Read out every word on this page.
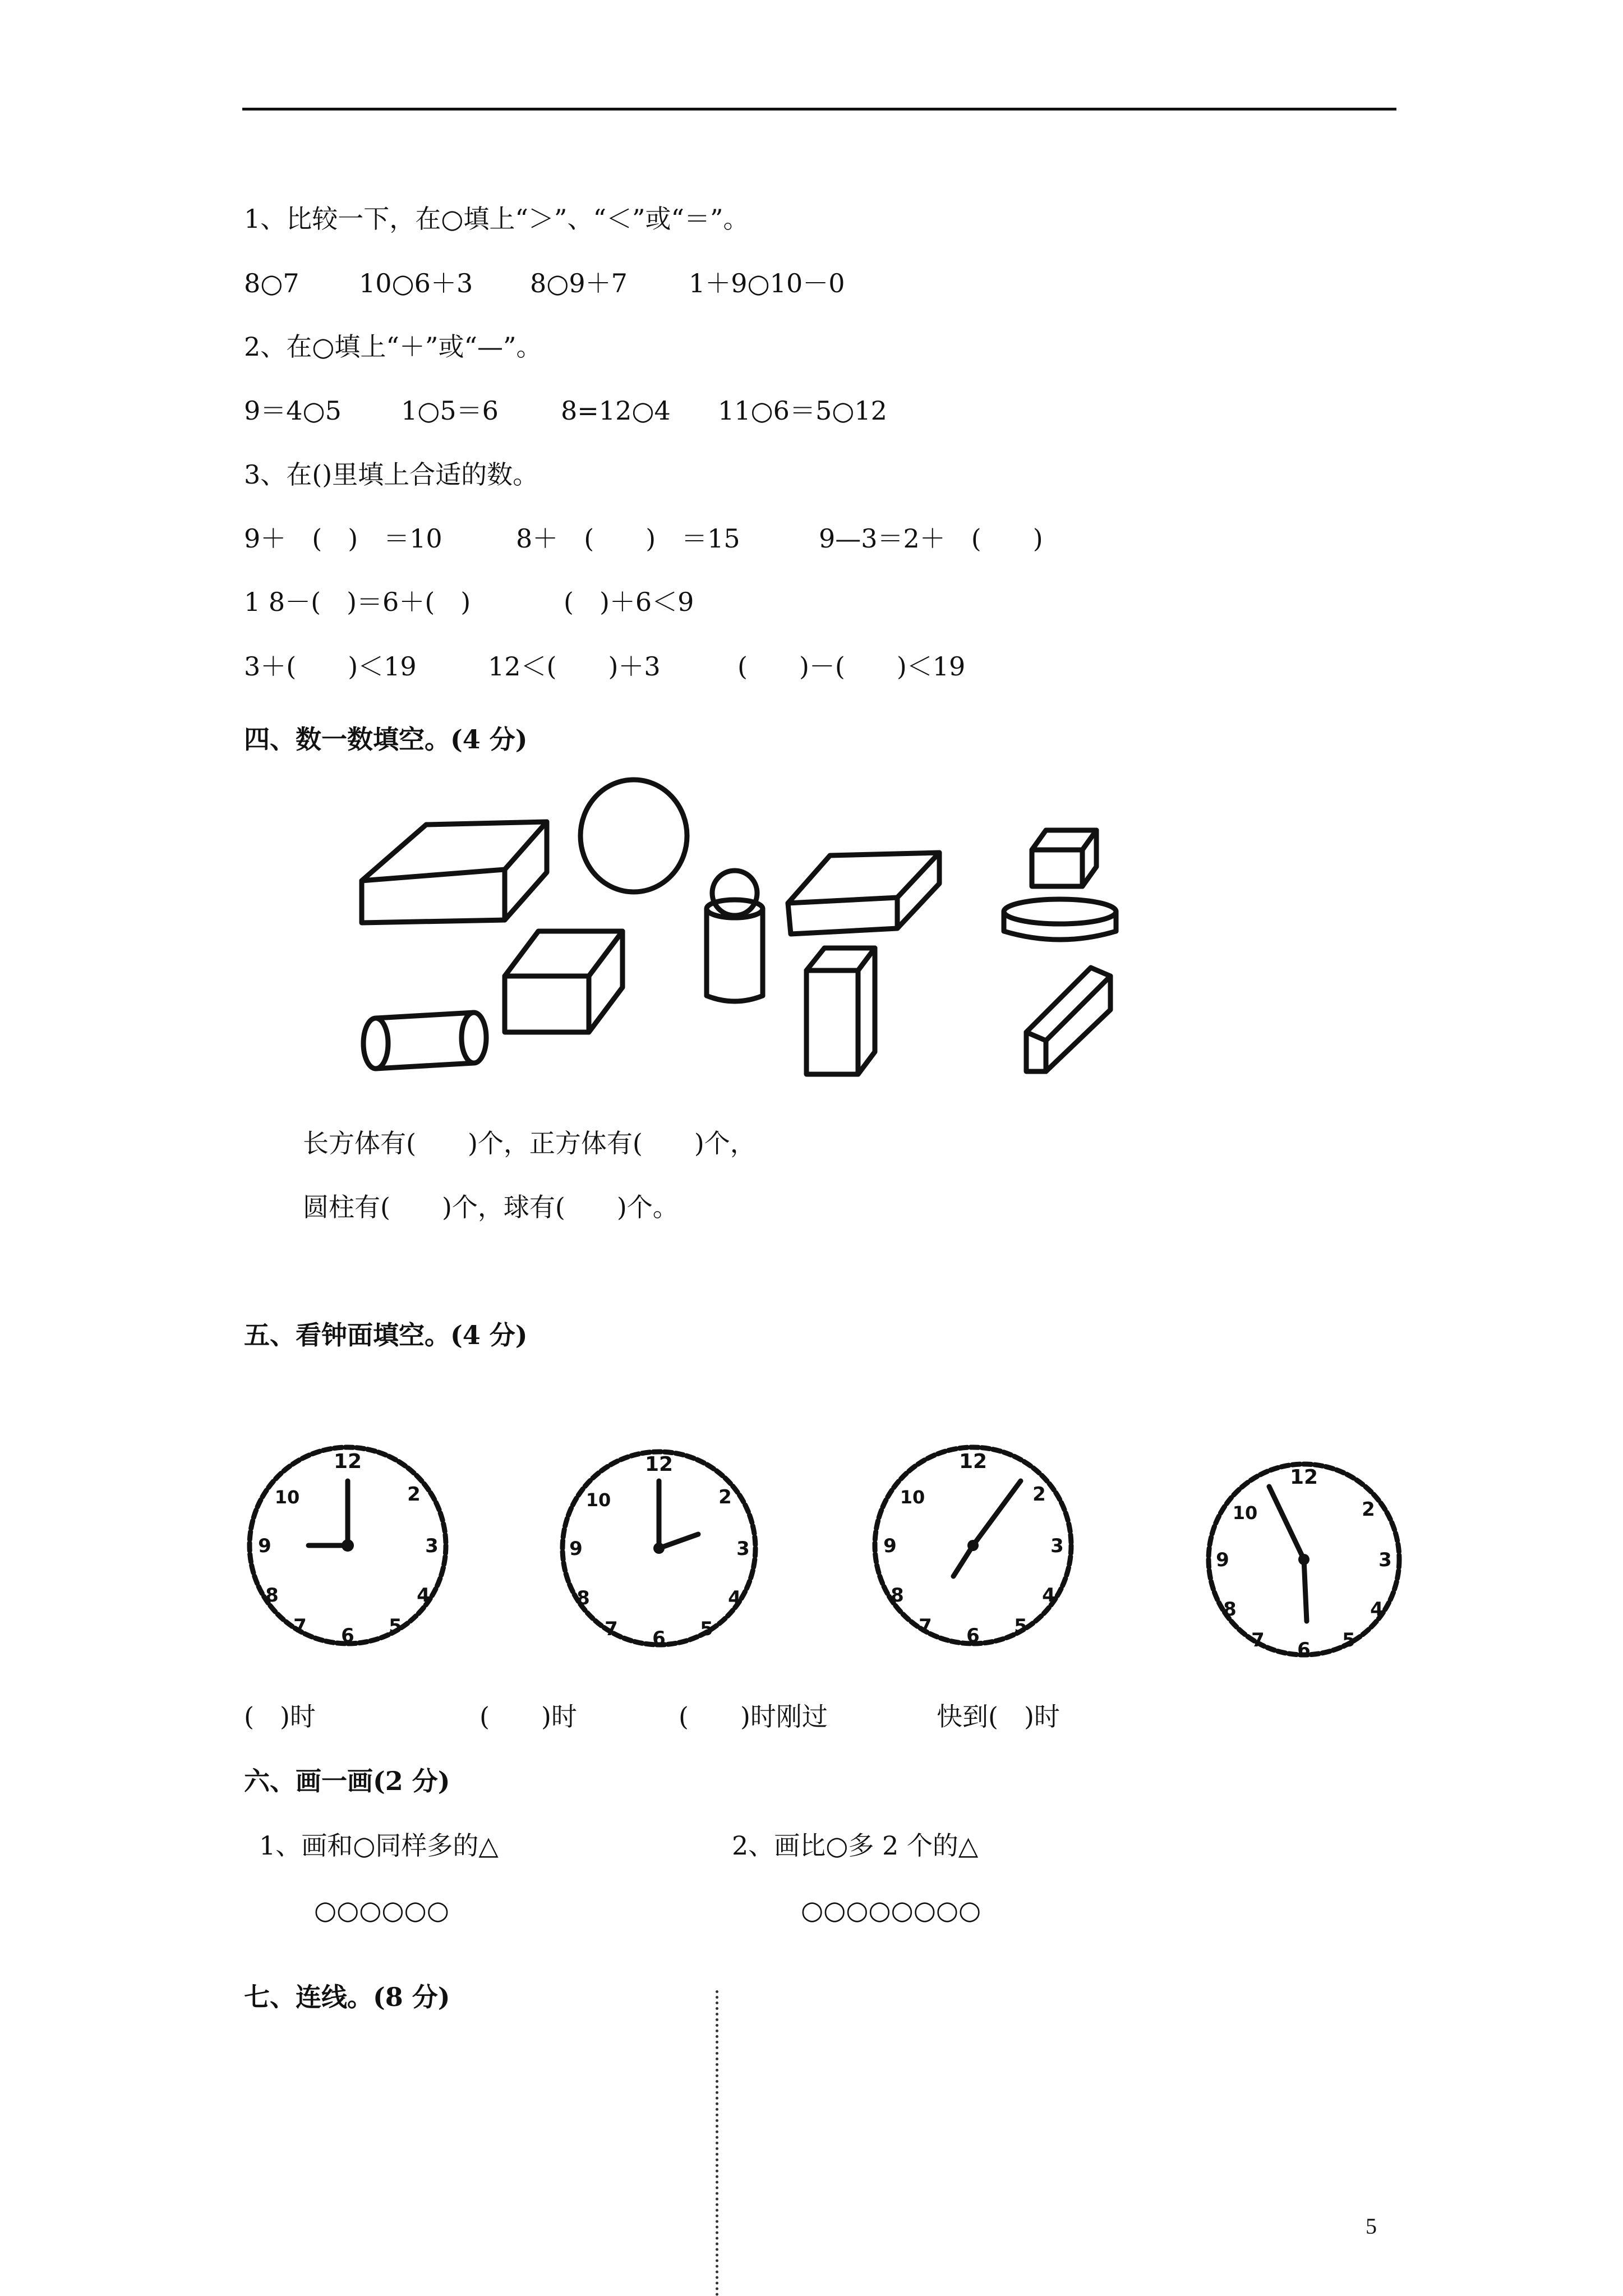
1、比较一下，在○填上“＞”、“＜”或“＝”。
8○7 10○6＋3 8○9＋7 1＋9○10－0
2、在○填上“＋”或“—”。
9＝4○5 1○5＝6 8=12○4 11○6＝5○12
3、在()里填上合适的数。
9＋　(　)　＝10	8＋　(　　)　＝15	9—3＝2＋　(　　)
1 8－(　)＝6＋(　)	(　)＋6＜9
3＋(　　)＜19	12＜(　　)＋3	(　　)－(　　)＜19
四、数一数填空。(4 分)
长方体有(　　)个，正方体有(　　)个，
圆柱有(　　)个，球有(　　)个。
五、看钟面填空。(4 分)
12
2
3
4
5
6
7
8
9
10
12
2
3
4
5
6
7
8
9
10
12
2
3
4
5
6
7
8
9
10
12
2
3
4
5
6
7
8
9
10
(　)时	(　　)时	(　　)时刚过	快到(　)时
六、画一画(2 分)
1、画和○同样多的△	2、画比○多 2 个的△
○○○○○○	○○○○○○○○
七、连线。(8 分)
5
